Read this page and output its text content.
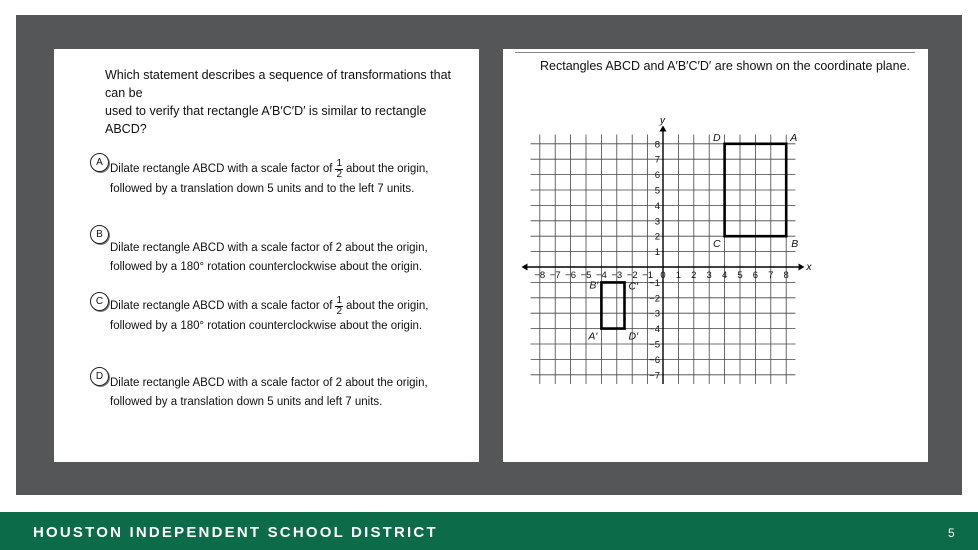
Which statement describes a sequence of transformations that can be
used to verify that rectangle A′B′C′D′ is similar to rectangle ABCD?
A
Dilate rectangle ABCD with a scale factor of $\frac{1}{2}$ about the origin,
followed by a translation down 5 units and to the left 7 units.
B
Dilate rectangle ABCD with a scale factor of 2 about the origin,
followed by a 180° rotation counterclockwise about the origin.
C Dilate rectangle ABCD with a scale factor of $\frac{1}{2}$ about the origin,
followed by a 180° rotation counterclockwise about the origin.
D
Dilate rectangle ABCD with a scale factor of 2 about the origin,
followed by a translation down 5 units and left 7 units.
Rectangles ABCD and A′B′C′D′ are shown on the coordinate plane.
x
y
−8 −7 −6 −5 −4 −3 −2 −1 0 1 2 3 4 5 6 7 8
8
7
6
5
4
3
2
1
−1
−2
−3
−4
−5
−6
−7
A
B
C
D
A′
B′	C′
D′
HOUSTON INDEPENDENT SCHOOL DISTRICT	5
